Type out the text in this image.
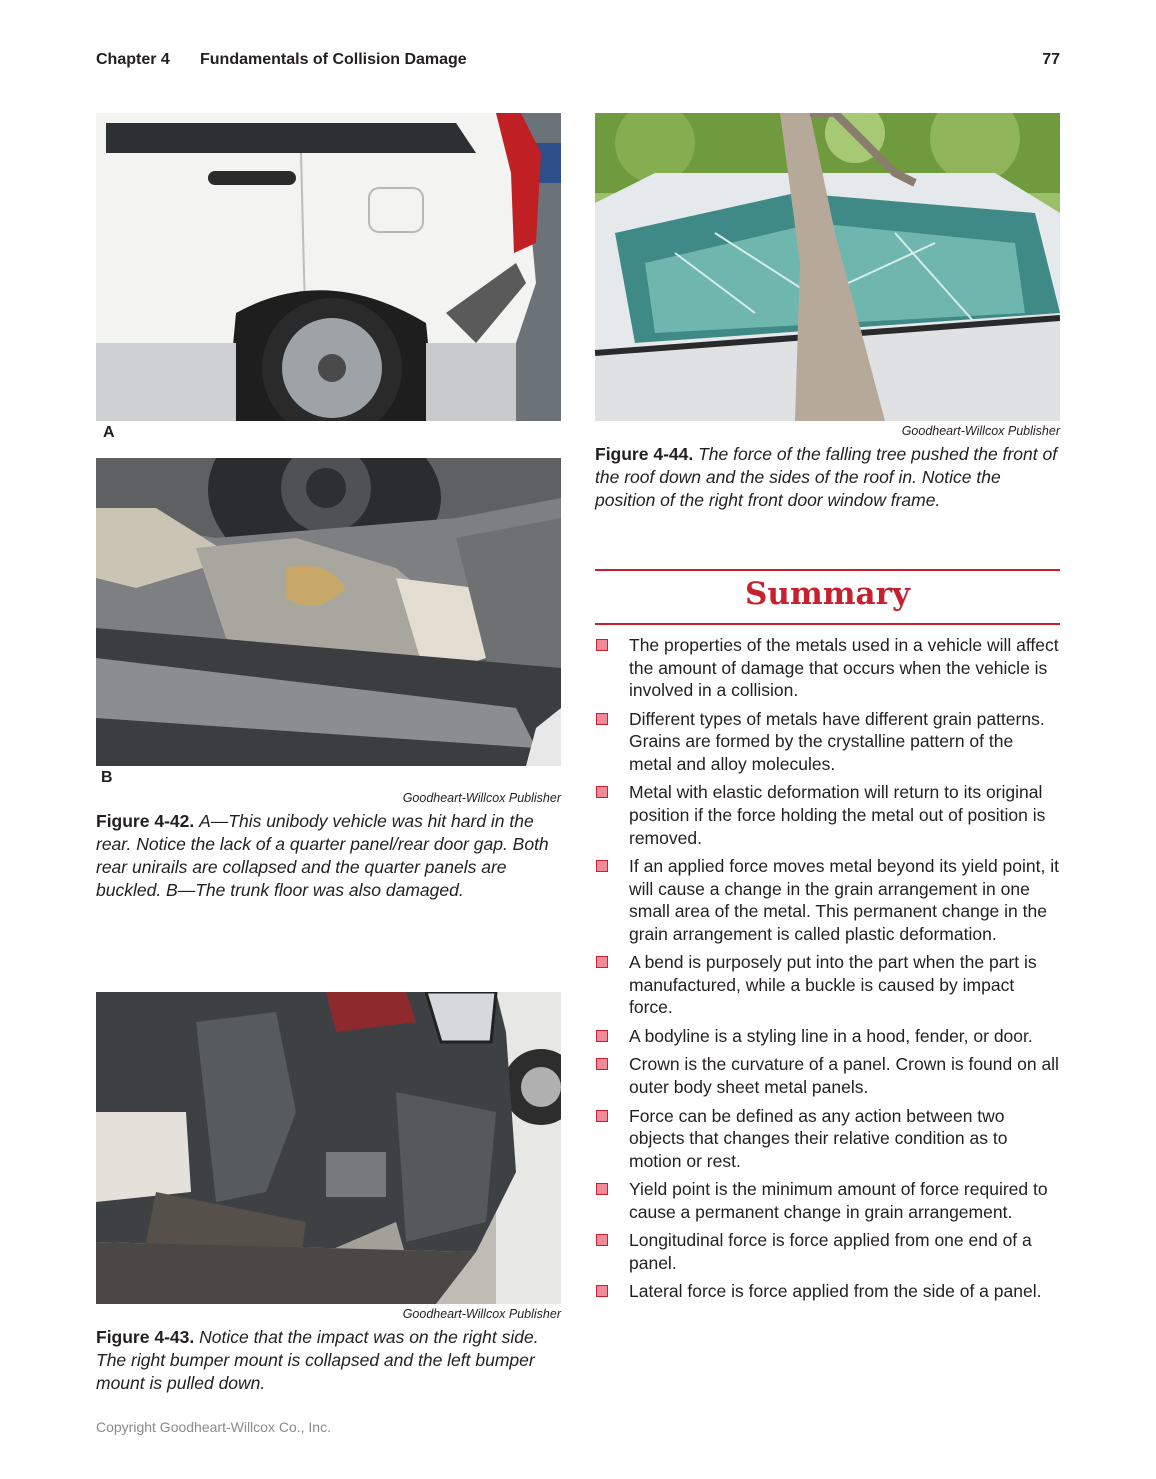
Chapter 4 Fundamentals of Collision Damage	77
A
B
Goodheart-Willcox Publisher
Figure 4-42. A—This unibody vehicle was hit hard in the rear. Notice the lack of a quarter panel/rear door gap. Both rear unirails are collapsed and the quarter panels are buckled. B—The trunk floor was also damaged.
Goodheart-Willcox Publisher
Figure 4-43. Notice that the impact was on the right side. The right bumper mount is collapsed and the left bumper mount is pulled down.
Goodheart-Willcox Publisher
Figure 4-44. The force of the falling tree pushed the front of the roof down and the sides of the roof in. Notice the position of the right front door window frame.
Summary
The properties of the metals used in a vehicle will affect the amount of damage that occurs when the vehicle is involved in a collision.
Different types of metals have different grain patterns. Grains are formed by the crystalline pattern of the metal and alloy molecules.
Metal with elastic deformation will return to its original position if the force holding the metal out of position is removed.
If an applied force moves metal beyond its yield point, it will cause a change in the grain arrangement in one small area of the metal. This permanent change in the grain arrangement is called plastic deformation.
A bend is purposely put into the part when the part is manufactured, while a buckle is caused by impact force.
A bodyline is a styling line in a hood, fender, or door.
Crown is the curvature of a panel. Crown is found on all outer body sheet metal panels.
Force can be defined as any action between two objects that changes their relative condition as to motion or rest.
Yield point is the minimum amount of force required to cause a permanent change in grain arrangement.
Longitudinal force is force applied from one end of a panel.
Lateral force is force applied from the side of a panel.
Copyright Goodheart-Willcox Co., Inc.
